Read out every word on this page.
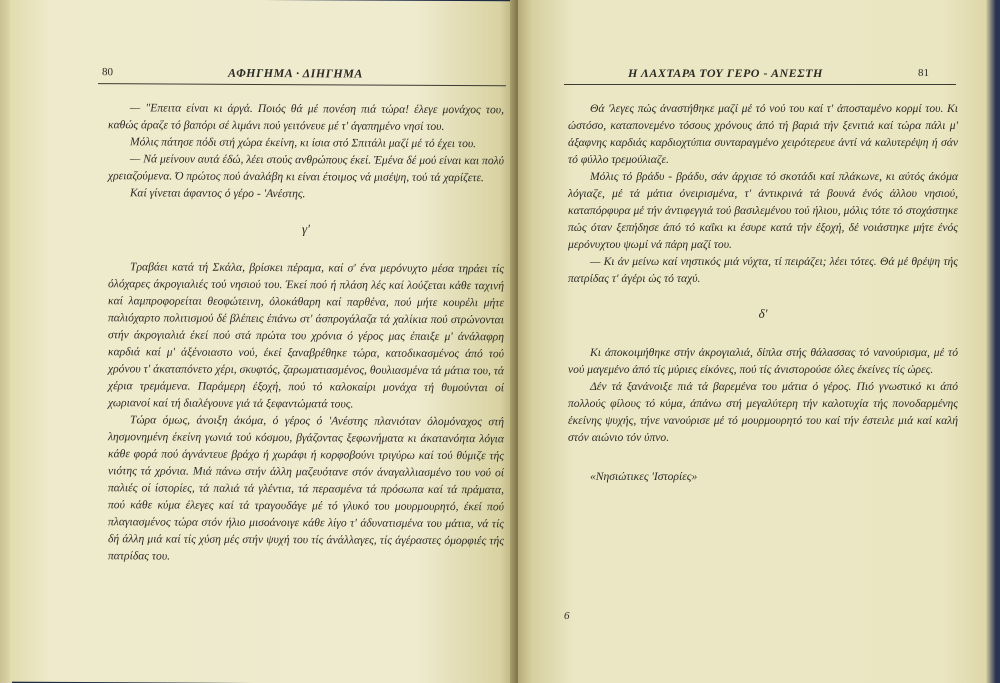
80	ΑΦΗΓΗΜΑ · ΔΙΗΓΗΜΑ

— "Επειτα είναι κι άργά. Ποιός θά μέ πονέση πιά τώρα! έλεγε μονάχος του, καθώς άραζε τό βαπόρι σέ λιμάνι πού γειτόνευε μέ τ' άγαπημένο νησί του.

Μόλις πάτησε πόδι στή χώρα έκείνη, κι ίσια στό Σπιτάλι μαζί μέ τό έχει του.

— Νά μείνουν αυτά έδώ, λέει στούς ανθρώπους έκεί. Έμένα δέ μού είναι και πολύ χρειαζούμενα. Ό πρώτος πού άναλάβη κι είναι έτοιμος νά μισέψη, τού τά χαρίζετε.

Καί γίνεται άφαντος ό γέρο - 'Ανέστης.

γ'

Τραβάει κατά τή Σκάλα, βρίσκει πέραμα, καί σ' ένα μερόνυχτο μέσα τηράει τίς όλόχαρες άκρογιαλιές τού νησιού του. Έκεί πού ή πλάση λές καί λούζεται κάθε ταχινή καί λαμπροφορείται θεοφώτεινη, όλοκάθαρη καί παρθένα, πού μήτε κουρέλι μήτε παλιόχαρτο πολιτισμού δέ βλέπεις έπάνω στ' άσπρογάλαζα τά χαλίκια πού στρώνονται στήν άκρογιαλιά έκεί πού στά πρώτα του χρόνια ό γέρος μας έπαιξε μ' άνάλαφρη καρδιά καί μ' άξένοιαστο νού, έκεί ξαναβρέθηκε τώρα, κατοδικασμένος άπό τού χρόνου τ' άκαταπόνετο χέρι, σκυφτός, ζαρωματιασμένος, θουλιασμένα τά μάτια του, τά χέρια τρεμάμενα. Παράμερη έξοχή, πού τό καλοκαίρι μονάχα τή θυμούνται οί χωριανοί καί τή διαλέγουνε γιά τά ξεφαντώματά τους.

Τώρα όμως, άνοιξη άκόμα, ό γέρος ό 'Ανέστης πλανιόταν όλομόναχος στή λησμονημένη έκείνη γωνιά τού κόσμου, βγάζοντας ξεφωνήματα κι άκατανόητα λόγια κάθε φορά πού άγνάντευε βράχο ή χωράφι ή κορφοβούνι τριγύρω καί τού θύμιζε τής νιότης τά χρόνια. Μιά πάνω στήν άλλη μαζευότανε στόν άναγαλλιασμένο του νού οί παλιές οί ίστορίες, τά παλιά τά γλέντια, τά περασμένα τά πρόσωπα καί τά πράματα, πού κάθε κύμα έλεγες καί τά τραγουδάγε μέ τό γλυκό του μουρμουρητό, έκεί πού πλαγιασμένος τώρα στόν ήλιο μισοάνοιγε κάθε λίγο τ' άδυνατισμένα του μάτια, νά τίς δή άλλη μιά καί τίς χύση μές στήν ψυχή του τίς άνάλλαγες, τίς άγέραστες όμορφιές τής πατρίδας του.

Η ΛΑΧΤΑΡΑ ΤΟΥ ΓΕΡΟ - ΑΝΕΣΤΗ	81

Θά 'λεγες πώς άναστήθηκε μαζί μέ τό νού του καί τ' άποσταμένο κορμί του. Κι ώστόσο, καταπονεμένο τόσους χρόνους άπό τή βαριά τήν ξενιτιά καί τώρα πάλι μ' άξαφνης καρδιάς καρδιοχτύπια συνταραγμένο χειρότερευε άντί νά καλυτερέψη ή σάν τό φύλλο τρεμούλιαζε.

Μόλις τό βράδυ - βράδυ, σάν άρχισε τό σκοτάδι καί πλάκωνε, κι αύτός άκόμα λόγιαζε, μέ τά μάτια όνειρισμένα, τ' άντικρινά τά βουνά ένός άλλου νησιού, καταπόρφυρα μέ τήν άντιφεγγιά τού βασιλεμένου τού ήλιου, μόλις τότε τό στοχάστηκε πώς όταν ξεπήδησε άπό τό καΐκι κι έσυρε κατά τήν έξοχή, δέ νοιάστηκε μήτε ένός μερόνυχτου ψωμί νά πάρη μαζί του.

— Κι άν μείνω καί νηστικός μιά νύχτα, τί πειράζει; λέει τότες. Θά μέ θρέψη τής πατρίδας τ' άγέρι ώς τό ταχύ.

δ'

Κι άποκοιμήθηκε στήν άκρογιαλιά, δίπλα στής θάλασσας τό νανούρισμα, μέ τό νού μαγεμένο άπό τίς μύριες είκόνες, πού τίς άνιστορούσε όλες έκείνες τίς ώρες.

Δέν τά ξανάνοιξε πιά τά βαρεμένα του μάτια ό γέρος. Πιό γνωστικό κι άπό πολλούς φίλους τό κύμα, άπάνω στή μεγαλύτερη τήν καλοτυχία τής πονοδαρμένης έκείνης ψυχής, τήνε νανούρισε μέ τό μουρμουρητό του καί τήν έστειλε μιά καί καλή στόν αιώνιο τόν ύπνο.

«Νησιώτικες 'Ιστορίες»

6
